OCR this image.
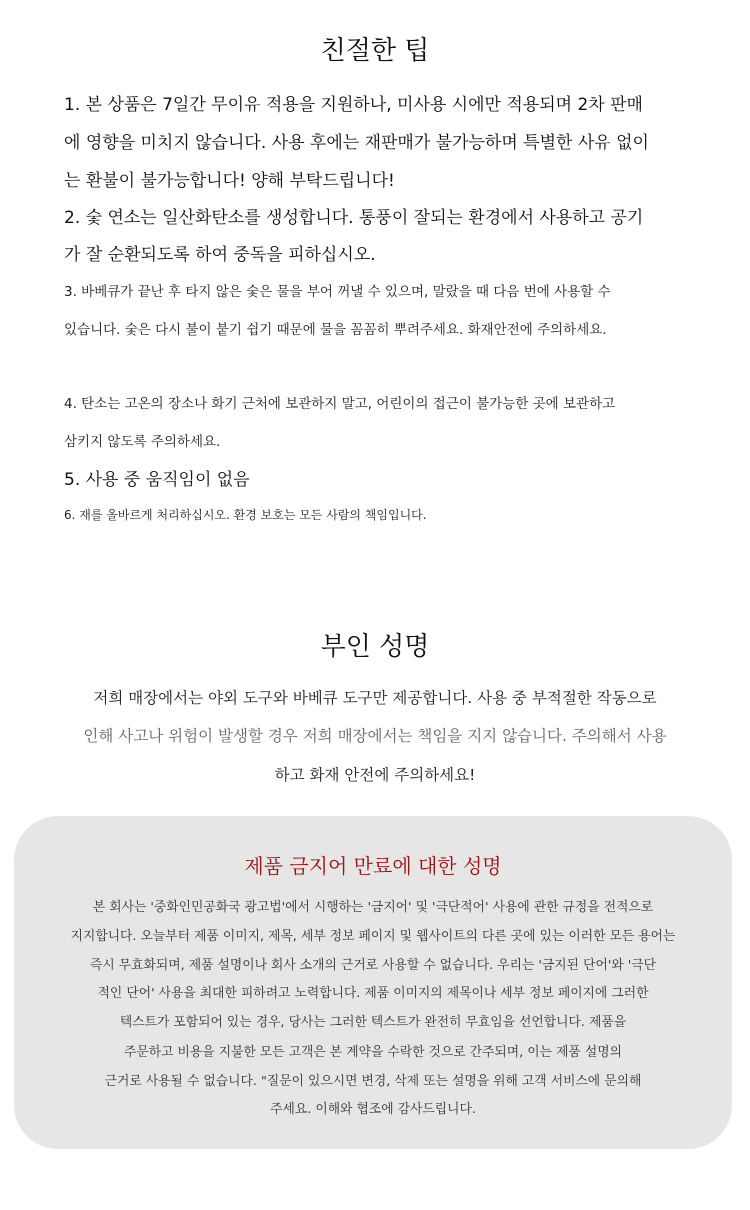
친절한 팁
1. 본 상품은 7일간 무이유 적용을 지원하나, 미사용 시에만 적용되며 2차 판매
에 영향을 미치지 않습니다. 사용 후에는 재판매가 불가능하며 특별한 사유 없이
는 환불이 불가능합니다! 양해 부탁드립니다!
2. 숯 연소는 일산화탄소를 생성합니다. 통풍이 잘되는 환경에서 사용하고 공기
가 잘 순환되도록 하여 중독을 피하십시오.
3. 바베큐가 끝난 후 타지 않은 숯은 물을 부어 꺼낼 수 있으며, 말랐을 때 다음 번에 사용할 수
있습니다. 숯은 다시 불이 붙기 쉽기 때문에 물을 꼼꼼히 뿌려주세요. 화재안전에 주의하세요.
4. 탄소는 고온의 장소나 화기 근처에 보관하지 말고, 어린이의 접근이 불가능한 곳에 보관하고
삼키지 않도록 주의하세요.
5. 사용 중 움직임이 없음
6. 재를 올바르게 처리하십시오. 환경 보호는 모든 사람의 책임입니다.
부인 성명
저희 매장에서는 야외 도구와 바베큐 도구만 제공합니다. 사용 중 부적절한 작동으로
인해 사고나 위험이 발생할 경우 저희 매장에서는 책임을 지지 않습니다. 주의해서 사용
하고 화재 안전에 주의하세요!
제품 금지어 만료에 대한 성명
본 회사는 '중화인민공화국 광고법'에서 시행하는 '금지어' 및 '극단적어' 사용에 관한 규정을 전적으로
지지합니다. 오늘부터 제품 이미지, 제목, 세부 정보 페이지 및 웹사이트의 다른 곳에 있는 이러한 모든 용어는
즉시 무효화되며, 제품 설명이나 회사 소개의 근거로 사용할 수 없습니다. 우리는 '금지된 단어'와 '극단
적인 단어' 사용을 최대한 피하려고 노력합니다. 제품 이미지의 제목이나 세부 정보 페이지에 그러한
텍스트가 포함되어 있는 경우, 당사는 그러한 텍스트가 완전히 무효임을 선언합니다. 제품을
주문하고 비용을 지불한 모든 고객은 본 계약을 수락한 것으로 간주되며, 이는 제품 설명의
근거로 사용될 수 없습니다. "질문이 있으시면 변경, 삭제 또는 설명을 위해 고객 서비스에 문의해
주세요. 이해와 협조에 감사드립니다.
